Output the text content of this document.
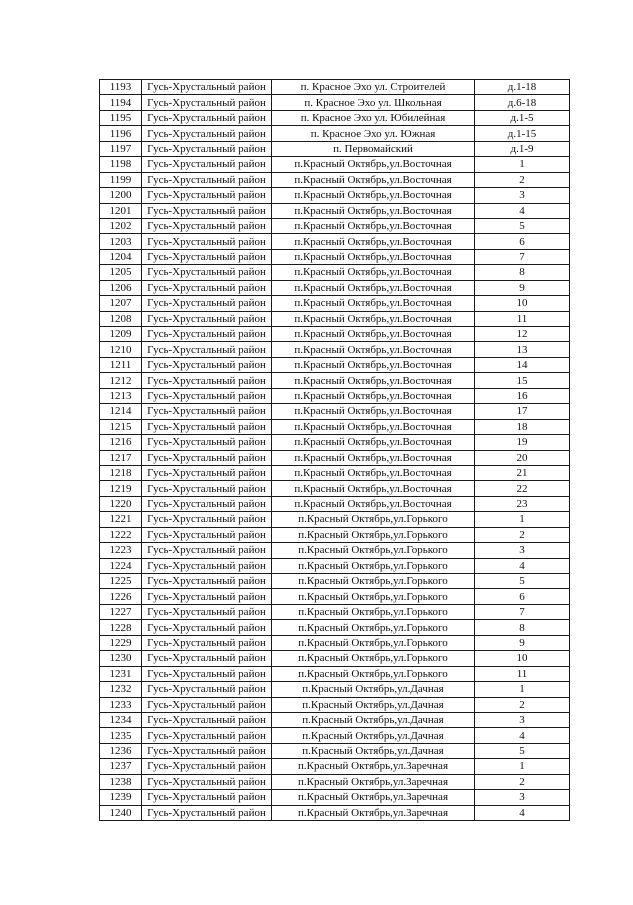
1193	Гусь-Хрустальный район	п. Красное Эхо ул. Строителей	д.1-18
1194	Гусь-Хрустальный район	п. Красное Эхо ул. Школьная	д.6-18
1195	Гусь-Хрустальный район	п. Красное Эхо ул. Юбилейная	д.1-5
1196	Гусь-Хрустальный район	п. Красное Эхо ул. Южная	д.1-15
1197	Гусь-Хрустальный район	п. Первомайский	д.1-9
1198	Гусь-Хрустальный район	п.Красный Октябрь,ул.Восточная	1
1199	Гусь-Хрустальный район	п.Красный Октябрь,ул.Восточная	2
1200	Гусь-Хрустальный район	п.Красный Октябрь,ул.Восточная	3
1201	Гусь-Хрустальный район	п.Красный Октябрь,ул.Восточная	4
1202	Гусь-Хрустальный район	п.Красный Октябрь,ул.Восточная	5
1203	Гусь-Хрустальный район	п.Красный Октябрь,ул.Восточная	6
1204	Гусь-Хрустальный район	п.Красный Октябрь,ул.Восточная	7
1205	Гусь-Хрустальный район	п.Красный Октябрь,ул.Восточная	8
1206	Гусь-Хрустальный район	п.Красный Октябрь,ул.Восточная	9
1207	Гусь-Хрустальный район	п.Красный Октябрь,ул.Восточная	10
1208	Гусь-Хрустальный район	п.Красный Октябрь,ул.Восточная	11
1209	Гусь-Хрустальный район	п.Красный Октябрь,ул.Восточная	12
1210	Гусь-Хрустальный район	п.Красный Октябрь,ул.Восточная	13
1211	Гусь-Хрустальный район	п.Красный Октябрь,ул.Восточная	14
1212	Гусь-Хрустальный район	п.Красный Октябрь,ул.Восточная	15
1213	Гусь-Хрустальный район	п.Красный Октябрь,ул.Восточная	16
1214	Гусь-Хрустальный район	п.Красный Октябрь,ул.Восточная	17
1215	Гусь-Хрустальный район	п.Красный Октябрь,ул.Восточная	18
1216	Гусь-Хрустальный район	п.Красный Октябрь,ул.Восточная	19
1217	Гусь-Хрустальный район	п.Красный Октябрь,ул.Восточная	20
1218	Гусь-Хрустальный район	п.Красный Октябрь,ул.Восточная	21
1219	Гусь-Хрустальный район	п.Красный Октябрь,ул.Восточная	22
1220	Гусь-Хрустальный район	п.Красный Октябрь,ул.Восточная	23
1221	Гусь-Хрустальный район	п.Красный Октябрь,ул.Горького	1
1222	Гусь-Хрустальный район	п.Красный Октябрь,ул.Горького	2
1223	Гусь-Хрустальный район	п.Красный Октябрь,ул.Горького	3
1224	Гусь-Хрустальный район	п.Красный Октябрь,ул.Горького	4
1225	Гусь-Хрустальный район	п.Красный Октябрь,ул.Горького	5
1226	Гусь-Хрустальный район	п.Красный Октябрь,ул.Горького	6
1227	Гусь-Хрустальный район	п.Красный Октябрь,ул.Горького	7
1228	Гусь-Хрустальный район	п.Красный Октябрь,ул.Горького	8
1229	Гусь-Хрустальный район	п.Красный Октябрь,ул.Горького	9
1230	Гусь-Хрустальный район	п.Красный Октябрь,ул.Горького	10
1231	Гусь-Хрустальный район	п.Красный Октябрь,ул.Горького	11
1232	Гусь-Хрустальный район	п.Красный Октябрь,ул.Дачная	1
1233	Гусь-Хрустальный район	п.Красный Октябрь,ул.Дачная	2
1234	Гусь-Хрустальный район	п.Красный Октябрь,ул.Дачная	3
1235	Гусь-Хрустальный район	п.Красный Октябрь,ул.Дачная	4
1236	Гусь-Хрустальный район	п.Красный Октябрь,ул.Дачная	5
1237	Гусь-Хрустальный район	п.Красный Октябрь,ул.Заречная	1
1238	Гусь-Хрустальный район	п.Красный Октябрь,ул.Заречная	2
1239	Гусь-Хрустальный район	п.Красный Октябрь,ул.Заречная	3
1240	Гусь-Хрустальный район	п.Красный Октябрь,ул.Заречная	4
